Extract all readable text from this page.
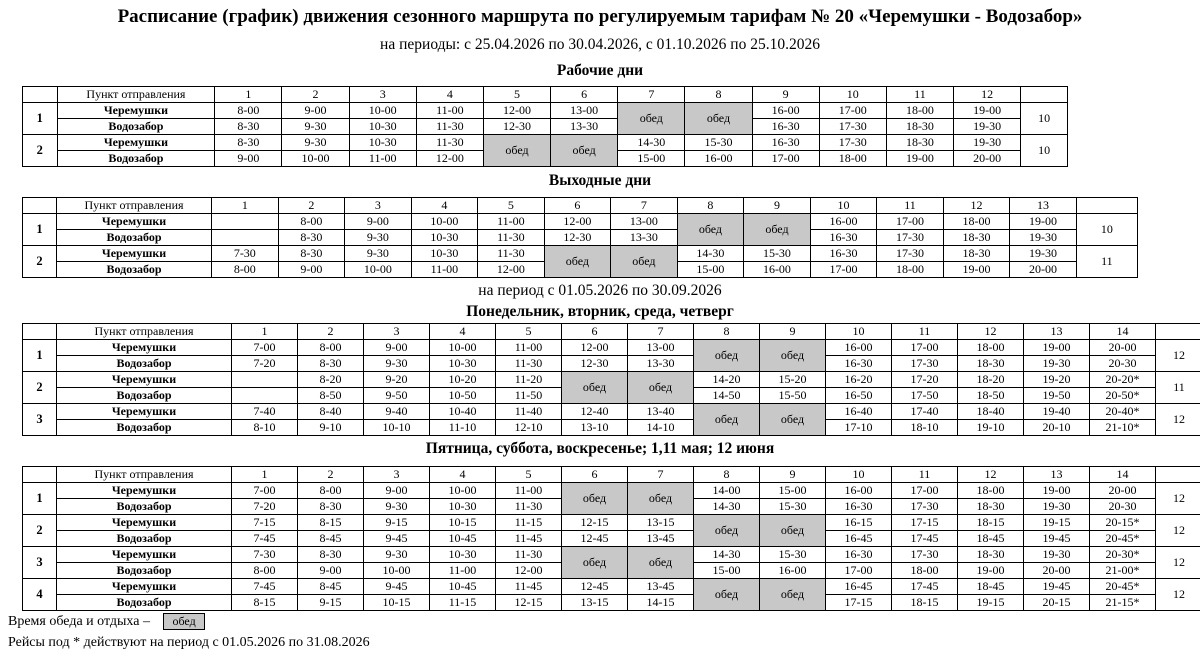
Расписание (график) движения сезонного маршрута по регулируемым тарифам № 20 «Черемушки - Водозабор»
на периоды: с 25.04.2026 по 30.04.2026, с 01.10.2026 по 25.10.2026
Рабочие дни
	Пункт отправления	1	2	3	4	5	6	7	8	9	10	11	12	
1	Черемушки	8-00	9-00	10-00	11-00	12-00	13-00	обед	обед	16-00	17-00	18-00	19-00	10
	Водозабор	8-30	9-30	10-30	11-30	12-30	13-30			16-30	17-30	18-30	19-30	
2	Черемушки	8-30	9-30	10-30	11-30	обед	обед	14-30	15-30	16-30	17-30	18-30	19-30	10
	Водозабор	9-00	10-00	11-00	12-00			15-00	16-00	17-00	18-00	19-00	20-00	
Выходные дни
	Пункт отправления	1	2	3	4	5	6	7	8	9	10	11	12	13	
1	Черемушки		8-00	9-00	10-00	11-00	12-00	13-00	обед	обед	16-00	17-00	18-00	19-00	10
	Водозабор		8-30	9-30	10-30	11-30	12-30	13-30			16-30	17-30	18-30	19-30	
2	Черемушки	7-30	8-30	9-30	10-30	11-30	обед	обед	14-30	15-30	16-30	17-30	18-30	19-30	11
	Водозабор	8-00	9-00	10-00	11-00	12-00			15-00	16-00	17-00	18-00	19-00	20-00	
на период с 01.05.2026 по 30.09.2026
Понедельник, вторник, среда, четверг
	Пункт отправления	1	2	3	4	5	6	7	8	9	10	11	12	13	14	
1	Черемушки	7-00	8-00	9-00	10-00	11-00	12-00	13-00	обед	обед	16-00	17-00	18-00	19-00	20-00	12
	Водозабор	7-20	8-30	9-30	10-30	11-30	12-30	13-30			16-30	17-30	18-30	19-30	20-30	
2	Черемушки		8-20	9-20	10-20	11-20	обед	обед	14-20	15-20	16-20	17-20	18-20	19-20	20-20*	11
	Водозабор		8-50	9-50	10-50	11-50			14-50	15-50	16-50	17-50	18-50	19-50	20-50*	
3	Черемушки	7-40	8-40	9-40	10-40	11-40	12-40	13-40	обед	обед	16-40	17-40	18-40	19-40	20-40*	12
	Водозабор	8-10	9-10	10-10	11-10	12-10	13-10	14-10			17-10	18-10	19-10	20-10	21-10*	
Пятница, суббота, воскресенье; 1,11 мая; 12 июня
	Пункт отправления	1	2	3	4	5	6	7	8	9	10	11	12	13	14	
1	Черемушки	7-00	8-00	9-00	10-00	11-00	обед	обед	14-00	15-00	16-00	17-00	18-00	19-00	20-00	12
	Водозабор	7-20	8-30	9-30	10-30	11-30			14-30	15-30	16-30	17-30	18-30	19-30	20-30	
2	Черемушки	7-15	8-15	9-15	10-15	11-15	12-15	13-15	обед	обед	16-15	17-15	18-15	19-15	20-15*	12
	Водозабор	7-45	8-45	9-45	10-45	11-45	12-45	13-45			16-45	17-45	18-45	19-45	20-45*	
3	Черемушки	7-30	8-30	9-30	10-30	11-30	обед	обед	14-30	15-30	16-30	17-30	18-30	19-30	20-30*	12
	Водозабор	8-00	9-00	10-00	11-00	12-00			15-00	16-00	17-00	18-00	19-00	20-00	21-00*	
4	Черемушки	7-45	8-45	9-45	10-45	11-45	12-45	13-45	обед	обед	16-45	17-45	18-45	19-45	20-45*	12
	Водозабор	8-15	9-15	10-15	11-15	12-15	13-15	14-15			17-15	18-15	19-15	20-15	21-15*	
Время обеда и отдыха – обед
Рейсы под * действуют на период с 01.05.2026 по 31.08.2026
